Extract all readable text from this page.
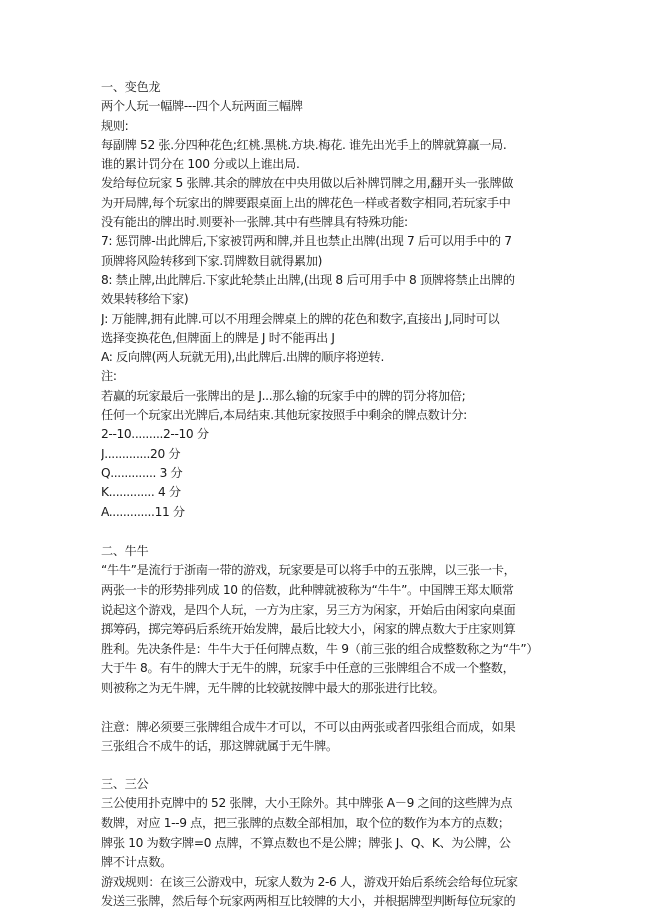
一、变色龙
两个人玩一幅牌---四个人玩两面三幅牌
规则:
每副牌 52 张.分四种花色;红桃.黑桃.方块.梅花. 谁先出光手上的牌就算赢一局.
谁的累计罚分在 100 分或以上谁出局.
发给每位玩家 5 张牌.其余的牌放在中央用做以后补牌罚牌之用,翻开头一张牌做
为开局牌,每个玩家出的牌要跟桌面上出的牌花色一样或者数字相同,若玩家手中
没有能出的牌出时.则要补一张牌.其中有些牌具有特殊功能:
7: 惩罚牌-出此牌后,下家被罚两和牌,并且也禁止出牌(出现 7 后可以用手中的 7
顶牌将风险转移到下家.罚牌数目就得累加)
8: 禁止牌,出此牌后.下家此轮禁止出牌,(出现 8 后可用手中 8 顶牌将禁止出牌的
效果转移给下家)
J: 万能牌,拥有此牌.可以不用理会牌桌上的牌的花色和数字,直接出 J,同时可以
选择变换花色,但牌面上的牌是 J 时不能再出 J
A: 反向牌(两人玩就无用),出此牌后.出牌的顺序将逆转.
注:
若赢的玩家最后一张牌出的是 J...那么输的玩家手中的牌的罚分将加倍;
任何一个玩家出光牌后,本局结束.其他玩家按照手中剩余的牌点数计分:
2--10.........2--10 分
J.............20 分
Q............. 3 分
K............. 4 分
A.............11 分
二、牛牛
“牛牛”是流行于浙南一带的游戏，玩家要是可以将手中的五张牌，以三张一卡，
两张一卡的形势排列成 10 的倍数，此种牌就被称为“牛牛”。中国牌王郑太顺常
说起这个游戏，是四个人玩，一方为庄家，另三方为闲家，开始后由闲家向桌面
掷筹码，掷完筹码后系统开始发牌，最后比较大小，闲家的牌点数大于庄家则算
胜利。先决条件是：牛牛大于任何牌点数，牛 9（前三张的组合成整数称之为“牛”）
大于牛 8。有牛的牌大于无牛的牌，玩家手中任意的三张牌组合不成一个整数，
则被称之为无牛牌，无牛牌的比较就按牌中最大的那张进行比较。
注意：牌必须要三张牌组合成牛才可以，不可以由两张或者四张组合而成，如果
三张组合不成牛的话，那这牌就属于无牛牌。
三、三公
三公使用扑克牌中的 52 张牌，大小王除外。其中牌张 A－9 之间的这些牌为点
数牌，对应 1--9 点，把三张牌的点数全部相加，取个位的数作为本方的点数；
牌张 10 为数字牌=0 点牌，不算点数也不是公牌；牌张 J、Q、K、为公牌，公
牌不计点数。
游戏规则：在该三公游戏中，玩家人数为 2-6 人，游戏开始后系统会给每位玩家
发送三张牌，然后每个玩家两两相互比较牌的大小，并根据牌型判断每位玩家的
